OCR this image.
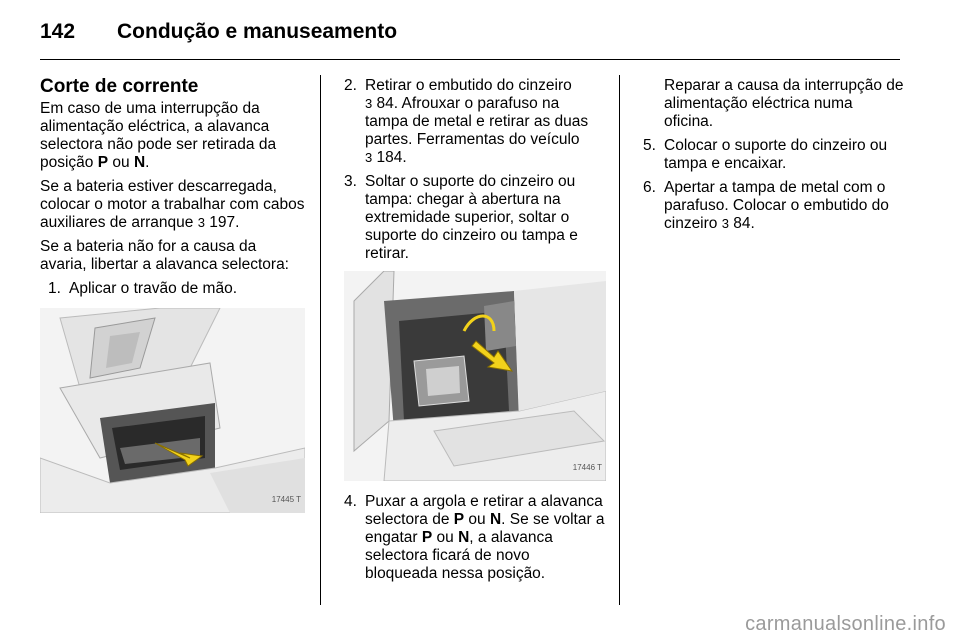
142 Condução e manuseamento
Corte de corrente

Em caso de uma interrupção da alimentação eléctrica, a alavanca selectora não pode ser retirada da posição P ou N.

Se a bateria estiver descarregada, colocar o motor a trabalhar com cabos auxiliares de arranque 3 197.

Se a bateria não for a causa da avaria, libertar a alavanca selectora:

1. Aplicar o travão de mão.
17445 T
2. Retirar o embutido do cinzeiro
3 84. Afrouxar o parafuso na tampa de metal e retirar as duas partes. Ferramentas do veículo
3 184.
3. Soltar o suporte do cinzeiro ou tampa: chegar à abertura na extremidade superior, soltar o suporte do cinzeiro ou tampa e retirar.
17446 T
4. Puxar a argola e retirar a alavanca selectora de P ou N. Se se voltar a engatar P ou N, a alavanca selectora ficará de novo bloqueada nessa posição.
Reparar a causa da interrupção de alimentação eléctrica numa oficina.
5. Colocar o suporte do cinzeiro ou tampa e encaixar.
6. Apertar a tampa de metal com o parafuso. Colocar o embutido do cinzeiro 3 84.
carmanualsonline.info
